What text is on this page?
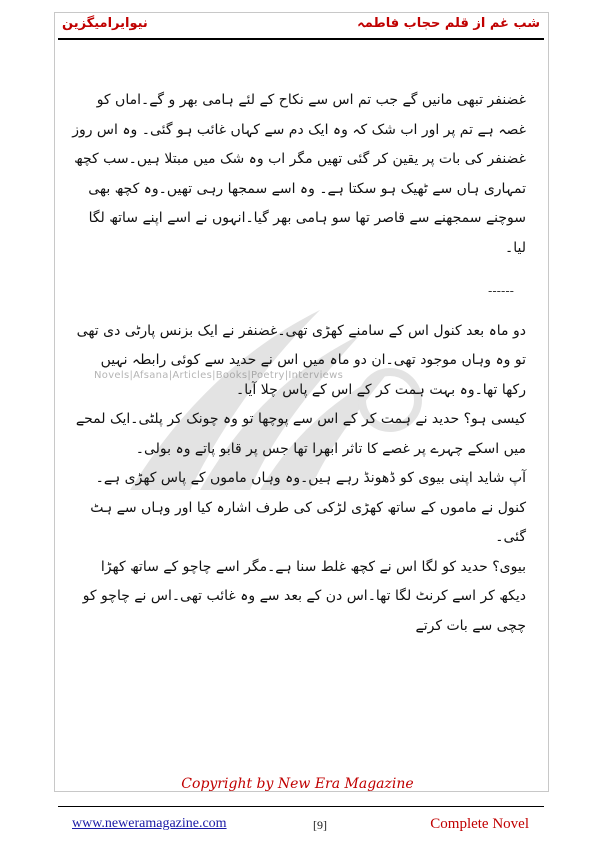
نیوایرامیگزین	شب غم از قلم حجاب فاطمہ
Novels|Afsana|Articles|Books|Poetry|Interviews

غضنفر تبھی مانیں گے جب تم اس سے نکاح کے لئے ہامی بھر و گے۔اماں کو غصہ ہے تم پر اور اب شک کہ وہ ایک دم سے کہاں غائب ہو گئی۔ وہ اس روز غضنفر کی بات پر یقین کر گئی تھیں مگر اب وہ شک میں مبتلا ہیں۔سب کچھ تمہاری ہاں سے ٹھیک ہو سکتا ہے۔ وہ اسے سمجھا رہی تھیں۔وہ کچھ بھی سوچنے سمجھنے سے قاصر تھا سو ہامی بھر گیا۔انہوں نے اسے اپنے ساتھ لگا لیا۔

------

دو ماہ بعد کنول اس کے سامنے کھڑی تھی۔غضنفر نے ایک بزنس پارٹی دی تھی تو وہ وہاں موجود تھی۔ان دو ماہ میں اس نے حدید سے کوئی رابطہ نہیں رکھا تھا۔وہ بہت ہمت کر کے اس کے پاس چلا آیا۔

کیسی ہو؟ حدید نے ہمت کر کے اس سے پوچھا تو وہ چونک کر پلٹی۔ایک لمحے میں اسکے چہرے پر غصے کا تاثر ابھرا تھا جس پر قابو پاتے وہ بولی۔

آپ شاید اپنی بیوی کو ڈھونڈ رہے ہیں۔وہ وہاں ماموں کے پاس کھڑی ہے۔کنول نے ماموں کے ساتھ کھڑی لڑکی کی طرف اشارہ کیا اور وہاں سے ہٹ گئی۔

بیوی؟ حدید کو لگا اس نے کچھ غلط سنا ہے۔مگر اسے چاچو کے ساتھ کھڑا دیکھ کر اسے کرنٹ لگا تھا۔اس دن کے بعد سے وہ غائب تھی۔اس نے چاچو کو چچی سے بات کرتے

Copyright by New Era Magazine
www.neweramagazine.com	[9]	Complete Novel
